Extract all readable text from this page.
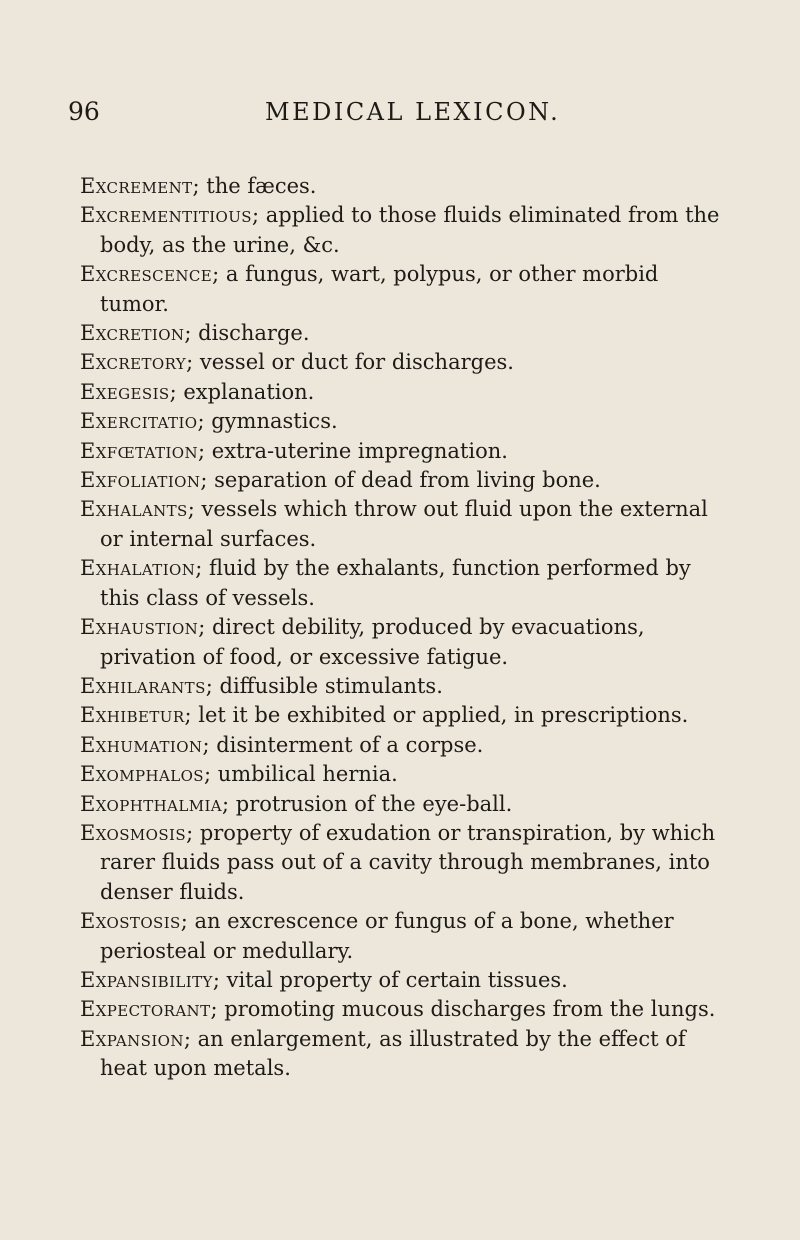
96	MEDICAL LEXICON.
Excrement; the fæces.
Excrementitious; applied to those fluids eliminated from the body, as the urine, &c.
Excrescence; a fungus, wart, polypus, or other morbid tumor.
Excretion; discharge.
Excretory; vessel or duct for discharges.
Exegesis; explanation.
Exercitatio; gymnastics.
Exfœtation; extra-uterine impregnation.
Exfoliation; separation of dead from living bone.
Exhalants; vessels which throw out fluid upon the external or internal surfaces.
Exhalation; fluid by the exhalants, function performed by this class of vessels.
Exhaustion; direct debility, produced by evacuations, privation of food, or excessive fatigue.
Exhilarants; diffusible stimulants.
Exhibetur; let it be exhibited or applied, in prescriptions.
Exhumation; disinterment of a corpse.
Exomphalos; umbilical hernia.
Exophthalmia; protrusion of the eye-ball.
Exosmosis; property of exudation or transpiration, by which rarer fluids pass out of a cavity through membranes, into denser fluids.
Exostosis; an excrescence or fungus of a bone, whether periosteal or medullary.
Expansibility; vital property of certain tissues.
Expectorant; promoting mucous discharges from the lungs.
Expansion; an enlargement, as illustrated by the effect of heat upon metals.
